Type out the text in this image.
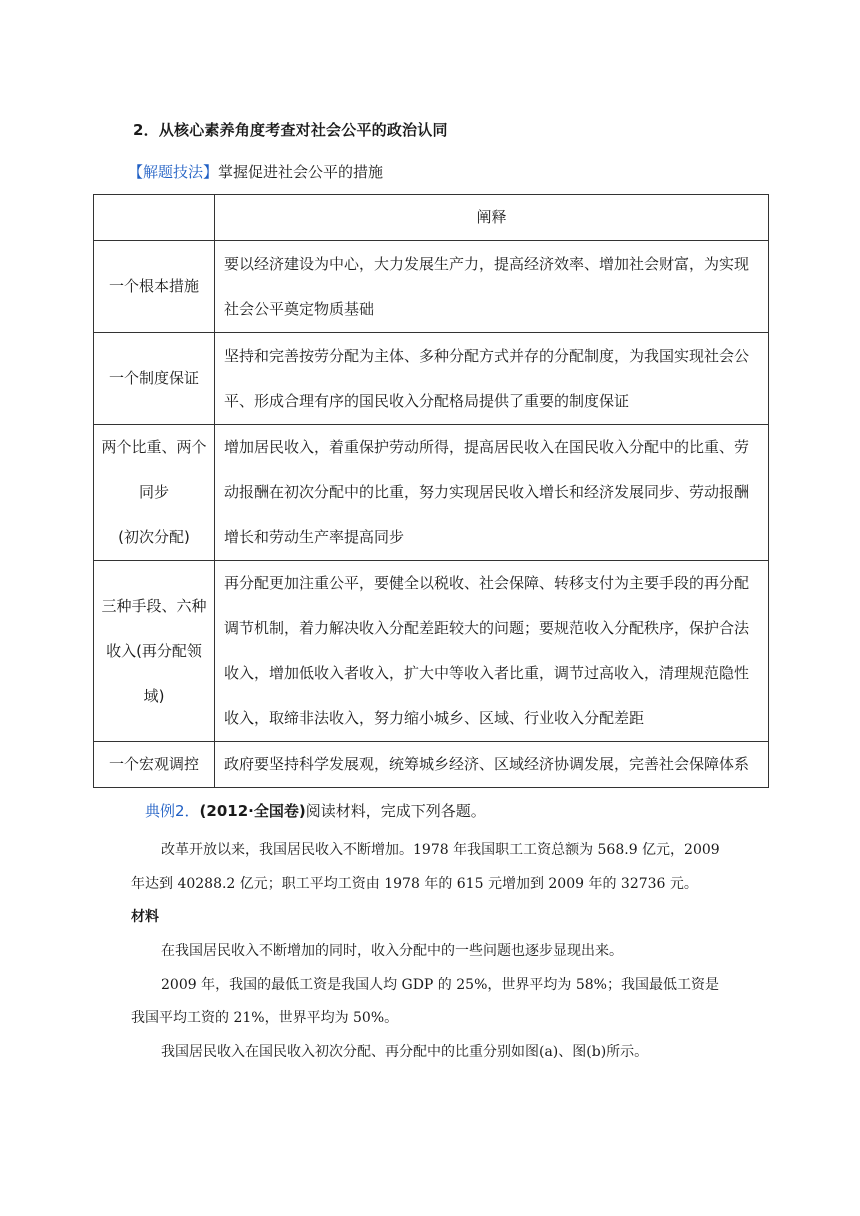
2．从核心素养角度考查对社会公平的政治认同
【解题技法】掌握促进社会公平的措施
	阐释

一个根本措施	要以经济建设为中心，大力发展生产力，提高经济效率、增加社会财富，为实现
社会公平奠定物质基础

一个制度保证	坚持和完善按劳分配为主体、多种分配方式并存的分配制度，为我国实现社会公
平、形成合理有序的国民收入分配格局提供了重要的制度保证

两个比重、两个
同步
(初次分配)	增加居民收入，着重保护劳动所得，提高居民收入在国民收入分配中的比重、劳
动报酬在初次分配中的比重，努力实现居民收入增长和经济发展同步、劳动报酬
增长和劳动生产率提高同步

三种手段、六种
收入(再分配领
域)	再分配更加注重公平，要健全以税收、社会保障、转移支付为主要手段的再分配
调节机制，着力解决收入分配差距较大的问题；要规范收入分配秩序，保护合法
收入，增加低收入者收入，扩大中等收入者比重，调节过高收入，清理规范隐性
收入，取缔非法收入，努力缩小城乡、区域、行业收入分配差距

一个宏观调控	政府要坚持科学发展观，统筹城乡经济、区域经济协调发展，完善社会保障体系
典例2．(2012·全国卷)阅读材料，完成下列各题。
改革开放以来，我国居民收入不断增加。1978 年我国职工工资总额为 568.9 亿元，2009
年达到 40288.2 亿元；职工平均工资由 1978 年的 615 元增加到 2009 年的 32736 元。
材料
在我国居民收入不断增加的同时，收入分配中的一些问题也逐步显现出来。
2009 年，我国的最低工资是我国人均 GDP 的 25%，世界平均为 58%；我国最低工资是
我国平均工资的 21%，世界平均为 50%。
我国居民收入在国民收入初次分配、再分配中的比重分别如图(a)、图(b)所示。
